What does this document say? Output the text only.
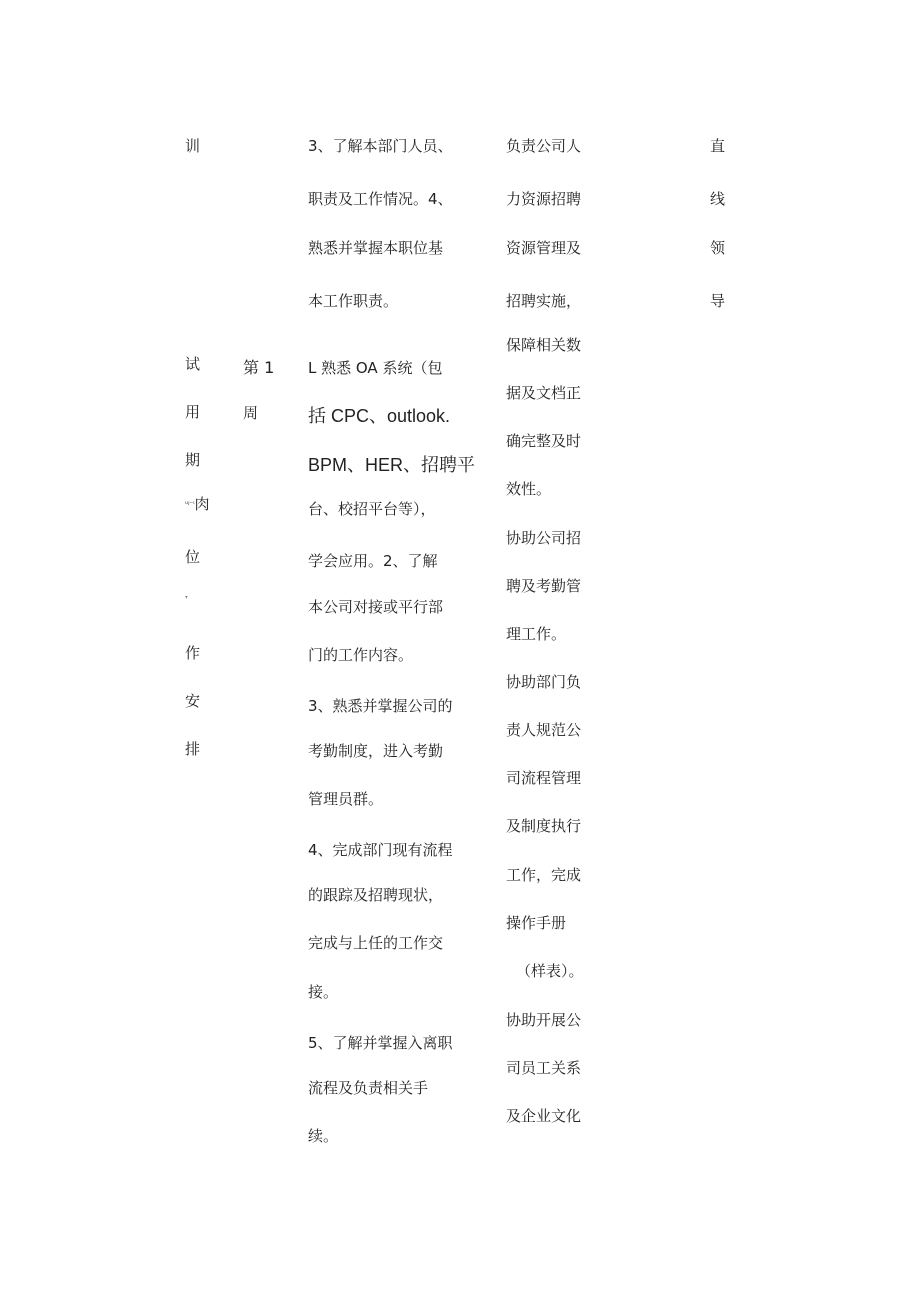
训
试
用
期
ᵁᴶ⁻ᴵ肉
位
ᵀ
作
安
排
第 1
周
3、了解本部门人员、
职责及工作情况。4、
熟悉并掌握本职位基
本工作职责。
L 熟悉 OA 系统（包
括 CPC、outlook.
BPM、HER、招聘平
台、校招平台等），
学会应用。2、了解
本公司对接或平行部
门的工作内容。
3、熟悉并掌握公司的
考勤制度，进入考勤
管理员群。
4、完成部门现有流程
的跟踪及招聘现状，
完成与上任的工作交
接。
5、了解并掌握入离职
流程及负责相关手
续。
负责公司人
力资源招聘
资源管理及
招聘实施，
保障相关数
据及文档正
确完整及时
效性。
协助公司招
聘及考勤管
理工作。
协助部门负
责人规范公
司流程管理
及制度执行
工作，完成
操作手册
（样表）。
协助开展公
司员工关系
及企业文化
直
线
领
导
